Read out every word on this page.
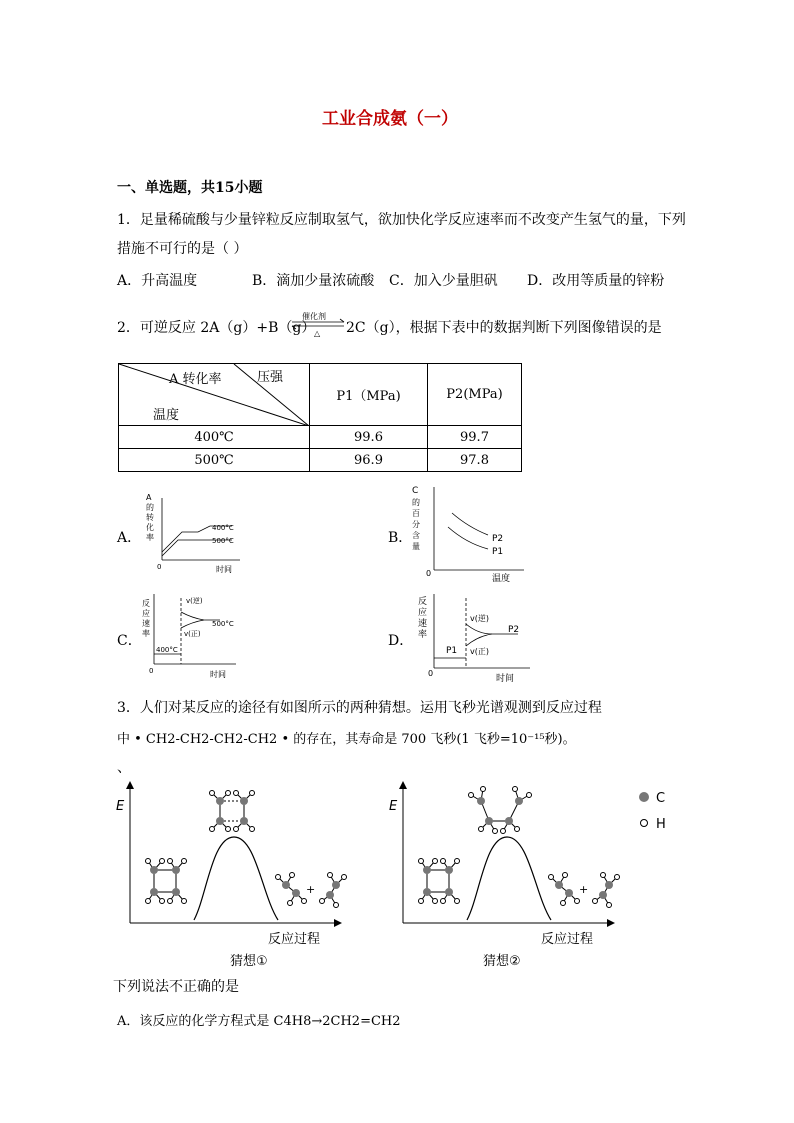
工业合成氨（一）
一、单选题，共15小题
1．足量稀硫酸与少量锌粒反应制取氢气，欲加快化学反应速率而不改变产生氢气的量，下列
措施不可行的是（ ）
A．升高温度	B．滴加少量浓硫酸 C．加入少量胆矾 D．改用等质量的锌粉
2．可逆反应 2A（g）+B（g）
催化剂
△ 2C（g），根据下表中的数据判断下列图像错误的是
A 转化率 压强
温度	P1（MPa)	P2(MPa)
400℃	99.6	99.7
500℃	96.9	97.8
A．
A
的
转
化
率
400°C
500°C
0	时间
B．
C
的
百
分
含
量
P2
P1
0
温度
C．
反
应
速
率
v(逆)
v(正)
500°C
400°C
0	时间
D．
反
应
速
率
v(逆)
v(正)
P2
P1
0
时间
3．人们对某反应的途径有如图所示的两种猜想。运用飞秒光谱观测到反应过程
中 • CH2-CH2-CH2-CH2 • 的存在，其寿命是 700 飞秒(1 飞秒=10⁻¹⁵秒)。
、
E
+
反应过程
猜想①
E
+
反应过程
猜想②
C
H
下列说法不正确的是
A．该反应的化学方程式是 C4H8→2CH2=CH2
